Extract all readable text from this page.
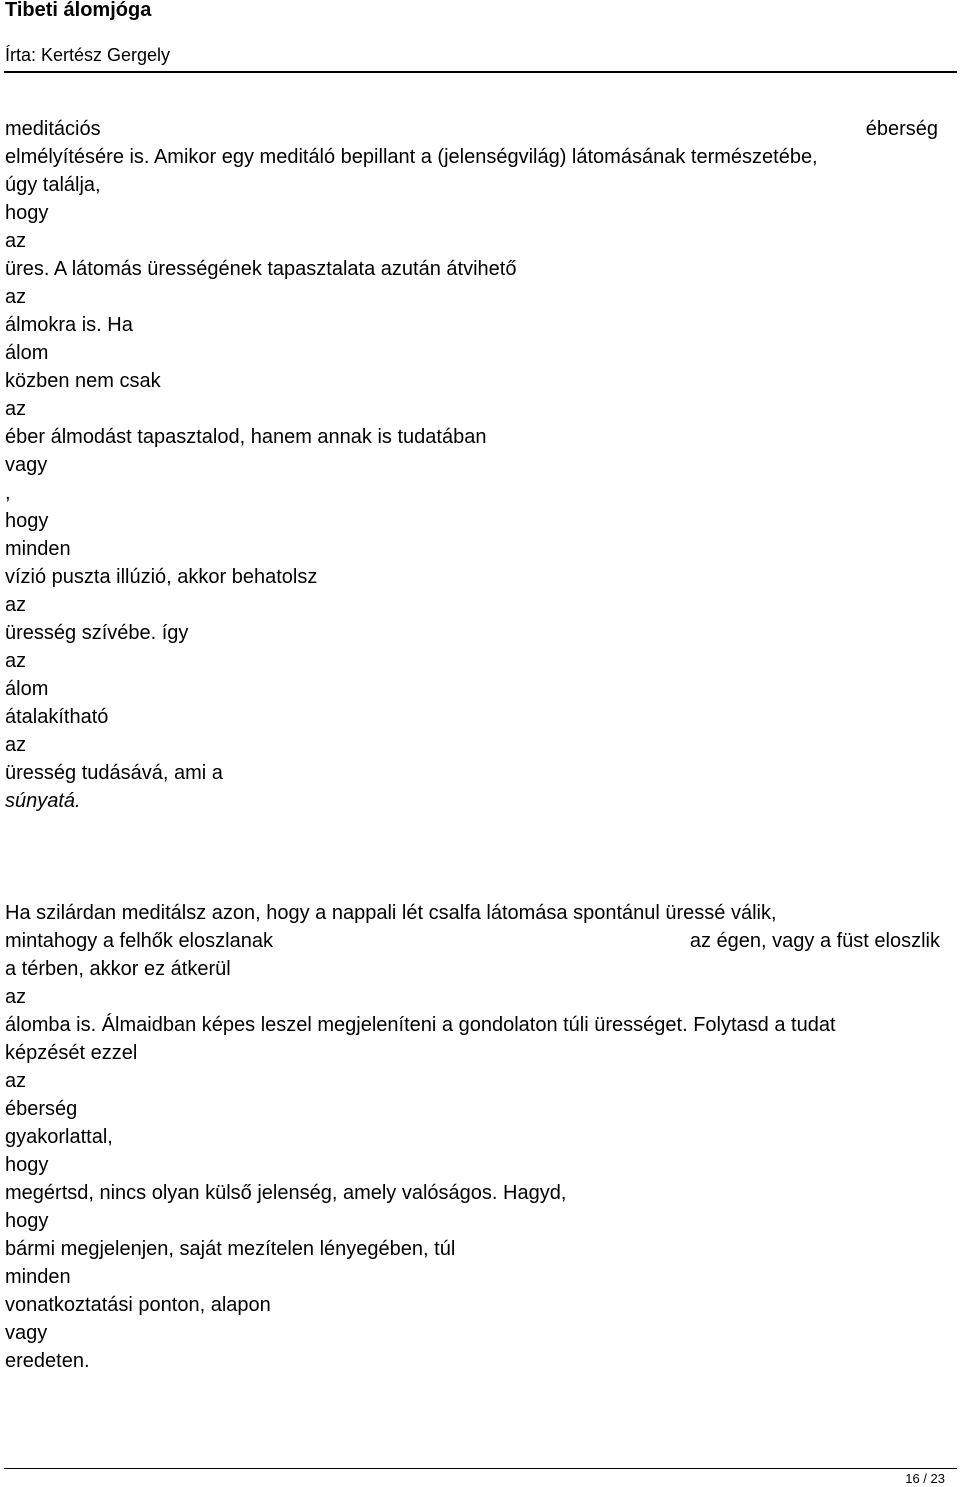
Tibeti álomjóga
Írta: Kertész Gergely
meditációs	éberség
elmélyítésére is. Amikor egy meditáló bepillant a (jelenségvilág) látomásának természetébe,
úgy találja,
hogy
az
üres. A látomás ürességének tapasztalata azután átvihető
az
álmokra is. Ha
álom
közben nem csak
az
éber álmodást tapasztalod, hanem annak is tudatában
vagy
,
hogy
minden
vízió puszta illúzió, akkor behatolsz
az
üresség szívébe. így
az
álom
átalakítható
az
üresség tudásává, ami a
súnyatá.
Ha szilárdan meditálsz azon, hogy a nappali lét csalfa látomása spontánul üressé válik,
mintahogy a felhők eloszlanak	az égen, vagy a füst eloszlik
a térben, akkor ez átkerül
az
álomba is. Álmaidban képes leszel megjeleníteni a gondolaton túli ürességet. Folytasd a tudat
képzését ezzel
az
éberség
gyakorlattal,
hogy
megértsd, nincs olyan külső jelenség, amely valóságos. Hagyd,
hogy
bármi megjelenjen, saját mezítelen lényegében, túl
minden
vonatkoztatási ponton, alapon
vagy
eredeten.
16 / 23
